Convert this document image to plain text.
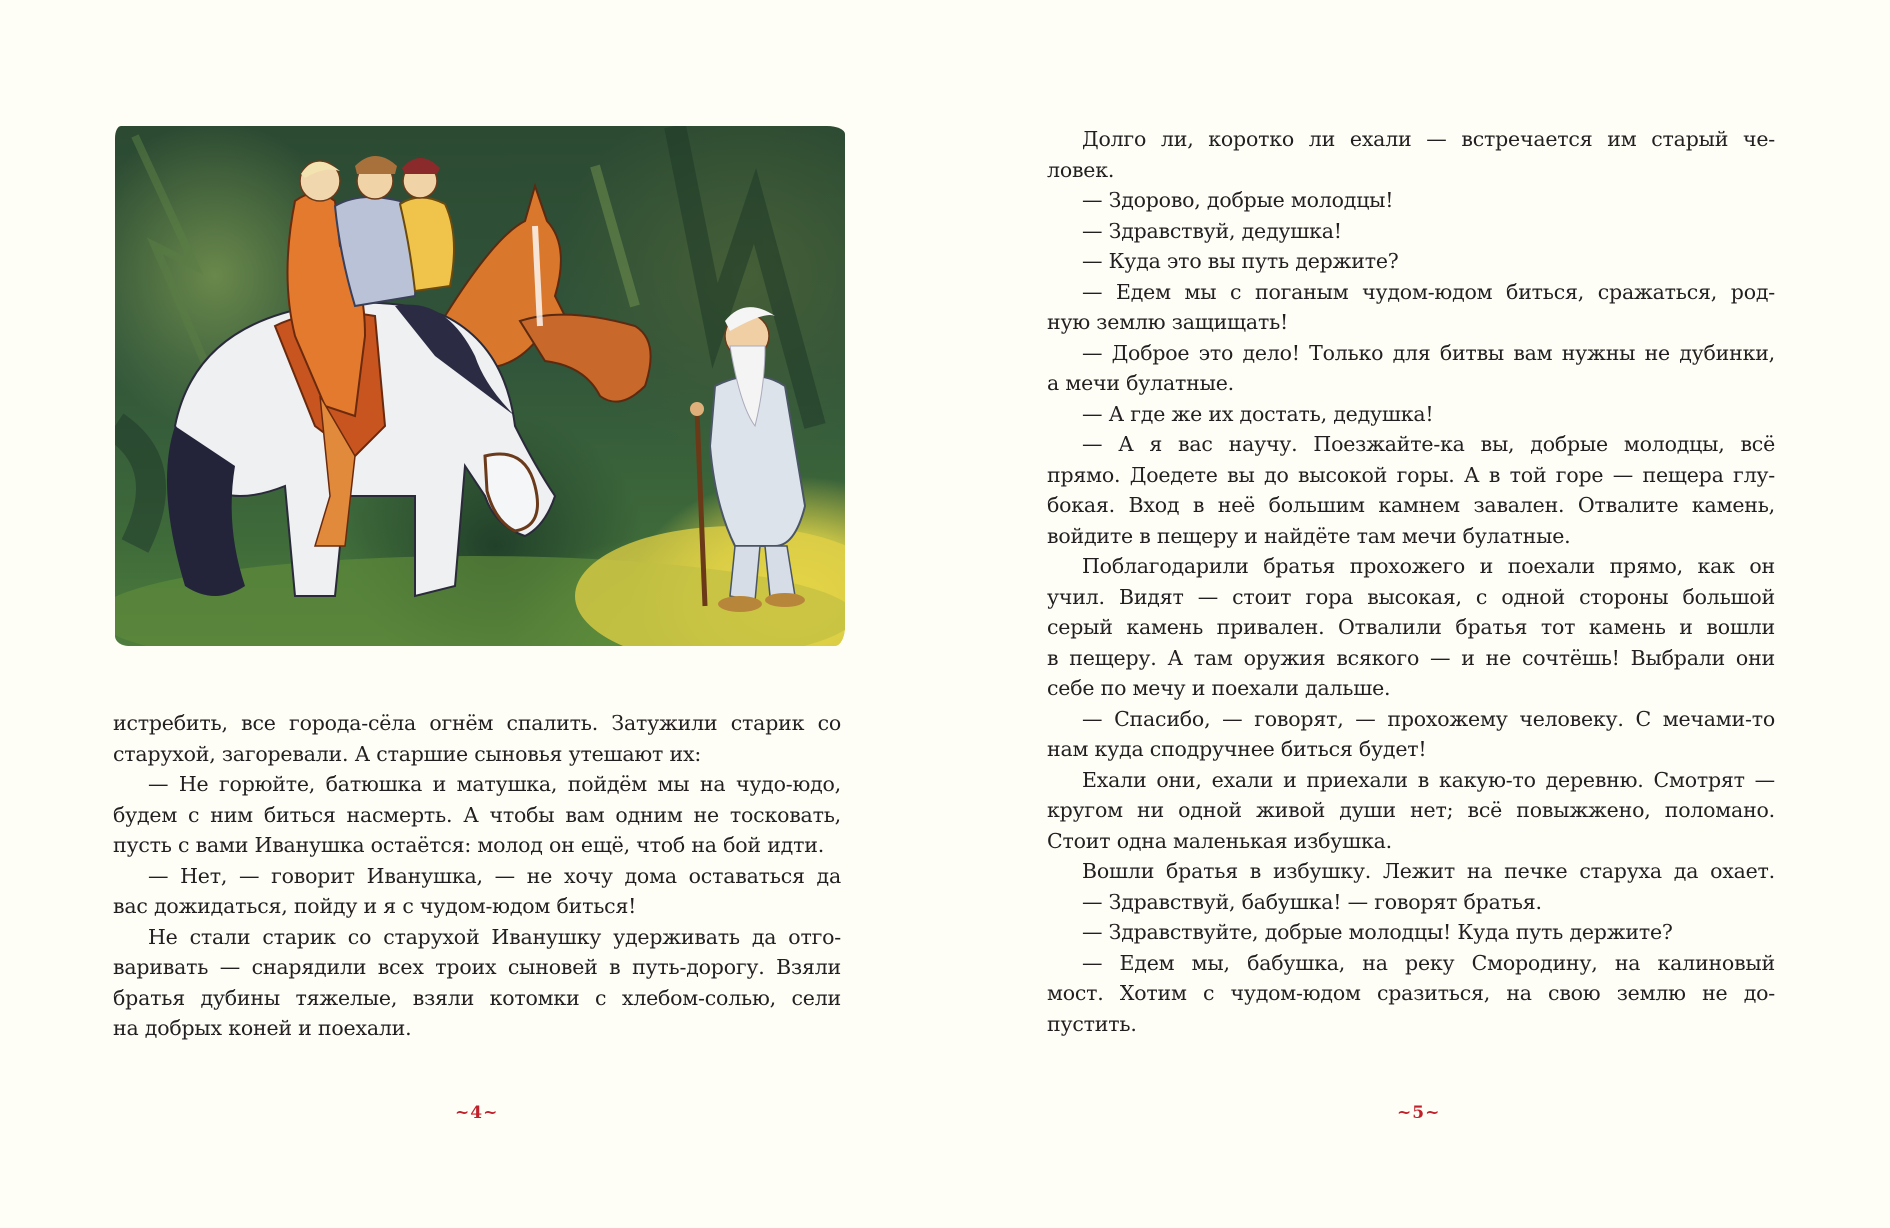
истребить, все города-сёла огнём спалить. Затужили старик со
старухой, загоревали. А старшие сыновья утешают их:
— Не горюйте, батюшка и матушка, пойдём мы на чудо-юдо,
будем с ним биться насмерть. А чтобы вам одним не тосковать,
пусть с вами Иванушка остаётся: молод он ещё, чтоб на бой идти.
— Нет, — говорит Иванушка, — не хочу дома оставаться да
вас дожидаться, пойду и я с чудом-юдом биться!
Не стали старик со старухой Иванушку удерживать да отго-
варивать — снарядили всех троих сыновей в путь-дорогу. Взяли
братья дубины тяжелые, взяли котомки с хлебом-солью, сели
на добрых коней и поехали.
~4~
Долго ли, коротко ли ехали — встречается им старый че-
ловек.
— Здорово, добрые молодцы!
— Здравствуй, дедушка!
— Куда это вы путь держите?
— Едем мы с поганым чудом-юдом биться, сражаться, род-
ную землю защищать!
— Доброе это дело! Только для битвы вам нужны не дубинки,
а мечи булатные.
— А где же их достать, дедушка!
— А я вас научу. Поезжайте-ка вы, добрые молодцы, всё
прямо. Доедете вы до высокой горы. А в той горе — пещера глу-
бокая. Вход в неё большим камнем завален. Отвалите камень,
войдите в пещеру и найдёте там мечи булатные.
Поблагодарили братья прохожего и поехали прямо, как он
учил. Видят — стоит гора высокая, с одной стороны большой
серый камень привален. Отвалили братья тот камень и вошли
в пещеру. А там оружия всякого — и не сочтёшь! Выбрали они
себе по мечу и поехали дальше.
— Спасибо, — говорят, — прохожему человеку. С мечами-то
нам куда сподручнее биться будет!
Ехали они, ехали и приехали в какую-то деревню. Смотрят —
кругом ни одной живой души нет; всё повыжжено, поломано.
Стоит одна маленькая избушка.
Вошли братья в избушку. Лежит на печке старуха да охает.
— Здравствуй, бабушка! — говорят братья.
— Здравствуйте, добрые молодцы! Куда путь держите?
— Едем мы, бабушка, на реку Смородину, на калиновый
мост. Хотим с чудом-юдом сразиться, на свою землю не до-
пустить.
~5~
